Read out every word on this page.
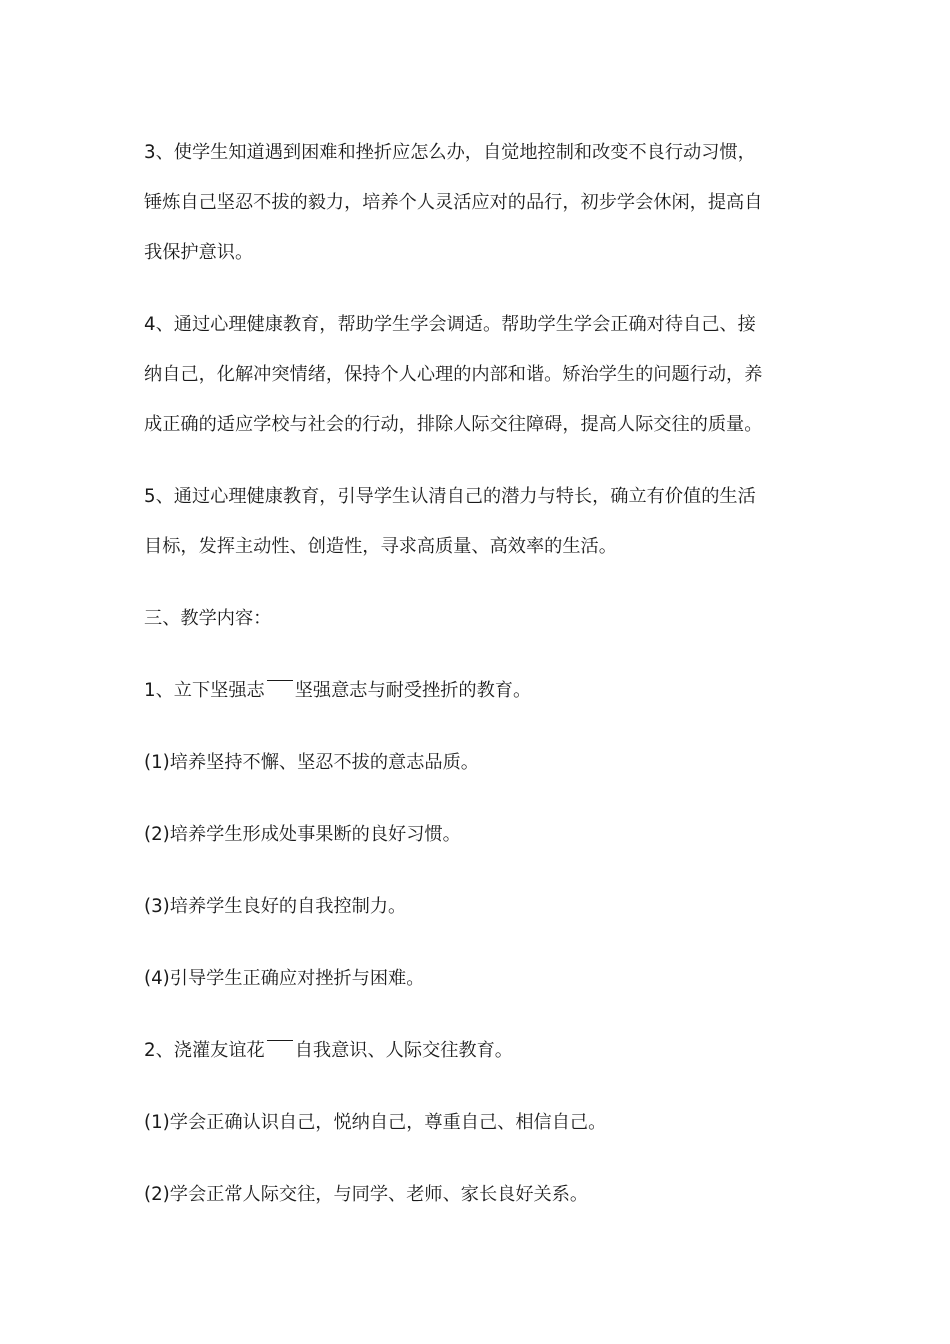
3、使学生知道遇到困难和挫折应怎么办，自觉地控制和改变不良行动习惯，
锤炼自己坚忍不拔的毅力，培养个人灵活应对的品行，初步学会休闲，提高自
我保护意识。

4、通过心理健康教育，帮助学生学会调适。帮助学生学会正确对待自己、接
纳自己，化解冲突情绪，保持个人心理的内部和谐。矫治学生的问题行动，养
成正确的适应学校与社会的行动，排除人际交往障碍，提高人际交往的质量。

5、通过心理健康教育，引导学生认清自己的潜力与特长，确立有价值的生活
目标，发挥主动性、创造性，寻求高质量、高效率的生活。

三、教学内容：

1、立下坚强志 坚强意志与耐受挫折的教育。

(1)培养坚持不懈、坚忍不拔的意志品质。

(2)培养学生形成处事果断的良好习惯。

(3)培养学生良好的自我控制力。

(4)引导学生正确应对挫折与困难。

2、浇灌友谊花 自我意识、人际交往教育。

(1)学会正确认识自己，悦纳自己，尊重自己、相信自己。

(2)学会正常人际交往，与同学、老师、家长良好关系。
